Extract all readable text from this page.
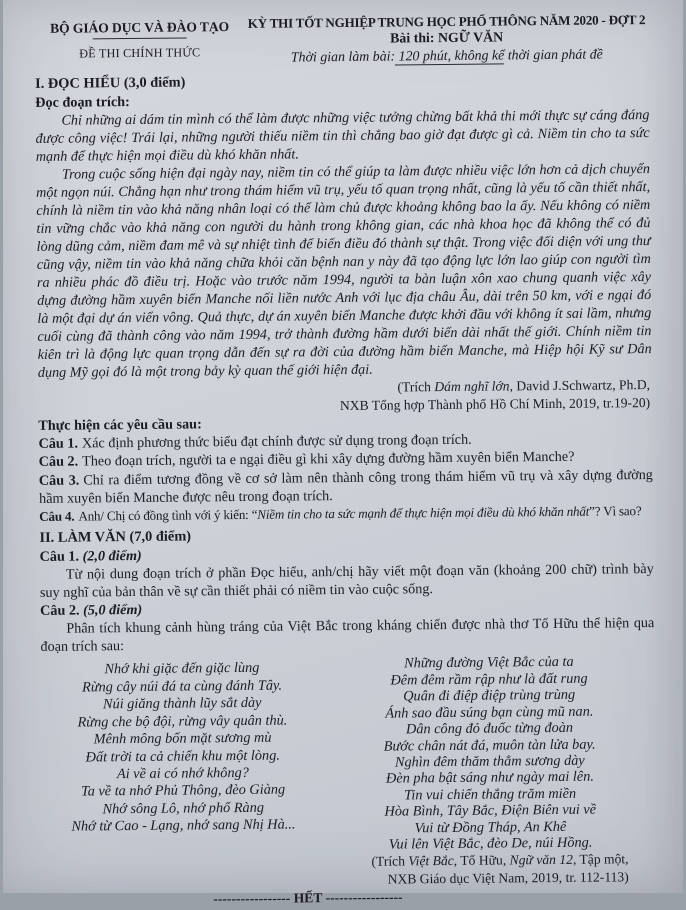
BỘ GIÁO DỤC VÀ ĐÀO TẠO
ĐỀ THI CHÍNH THỨC
KỲ THI TỐT NGHIỆP TRUNG HỌC PHỔ THÔNG NĂM 2020 - ĐỢT 2
Bài thi: NGỮ VĂN
Thời gian làm bài: 120 phút, không kể thời gian phát đề
I. ĐỌC HIỂU (3,0 điểm)
Đọc đoạn trích:

Chỉ những ai dám tin mình có thể làm được những việc tưởng chừng bất khả thi mới thực sự cáng đáng được công việc! Trái lại, những người thiếu niềm tin thì chẳng bao giờ đạt được gì cả. Niềm tin cho ta sức mạnh để thực hiện mọi điều dù khó khăn nhất.

Trong cuộc sống hiện đại ngày nay, niềm tin có thể giúp ta làm được nhiều việc lớn hơn cả dịch chuyển một ngọn núi. Chẳng hạn như trong thám hiểm vũ trụ, yếu tố quan trọng nhất, cũng là yếu tố cần thiết nhất, chính là niềm tin vào khả năng nhân loại có thể làm chủ được khoảng không bao la ấy. Nếu không có niềm tin vững chắc vào khả năng con người du hành trong không gian, các nhà khoa học đã không thể có đủ lòng dũng cảm, niềm đam mê và sự nhiệt tình để biến điều đó thành sự thật. Trong việc đối diện với ung thư cũng vậy, niềm tin vào khả năng chữa khỏi căn bệnh nan y này đã tạo động lực lớn lao giúp con người tìm ra nhiều phác đồ điều trị. Hoặc vào trước năm 1994, người ta bàn luận xôn xao chung quanh việc xây dựng đường hầm xuyên biển Manche nối liền nước Anh với lục địa châu Âu, dài trên 50 km, với e ngại đó là một đại dự án viển vông. Quả thực, dự án xuyên biển Manche được khởi đầu với không ít sai lầm, nhưng cuối cùng đã thành công vào năm 1994, trở thành đường hầm dưới biển dài nhất thế giới. Chính niềm tin kiên trì là động lực quan trọng dẫn đến sự ra đời của đường hầm biển Manche, mà Hiệp hội Kỹ sư Dân dụng Mỹ gọi đó là một trong bảy kỳ quan thế giới hiện đại.

(Trích Dám nghĩ lớn, David J.Schwartz, Ph.D,

NXB Tổng hợp Thành phố Hồ Chí Minh, 2019, tr.19-20)

Thực hiện các yêu cầu sau:

Câu 1. Xác định phương thức biểu đạt chính được sử dụng trong đoạn trích.

Câu 2. Theo đoạn trích, người ta e ngại điều gì khi xây dựng đường hầm xuyên biển Manche?

Câu 3. Chỉ ra điểm tương đồng về cơ sở làm nên thành công trong thám hiểm vũ trụ và xây dựng đường hầm xuyên biển Manche được nêu trong đoạn trích.

Câu 4. Anh/ Chị có đồng tình với ý kiến: “Niềm tin cho ta sức mạnh để thực hiện mọi điều dù khó khăn nhất”? Vì sao?

II. LÀM VĂN (7,0 điểm)
Câu 1. (2,0 điểm)

Từ nội dung đoạn trích ở phần Đọc hiểu, anh/chị hãy viết một đoạn văn (khoảng 200 chữ) trình bày suy nghĩ của bản thân về sự cần thiết phải có niềm tin vào cuộc sống.

Câu 2. (5,0 điểm)

Phân tích khung cảnh hùng tráng của Việt Bắc trong kháng chiến được nhà thơ Tố Hữu thể hiện qua đoạn trích sau:

Nhớ khi giặc đến giặc lùng
Rừng cây núi đá ta cùng đánh Tây.
Núi giăng thành lũy sắt dày
Rừng che bộ đội, rừng vây quân thù.
Mênh mông bốn mặt sương mù
Đất trời ta cả chiến khu một lòng.
Ai về ai có nhớ không?
Ta về ta nhớ Phủ Thông, đèo Giàng
Nhớ sông Lô, nhớ phố Ràng
Nhớ từ Cao - Lạng, nhớ sang Nhị Hà...
Những đường Việt Bắc của ta
Đêm đêm rầm rập như là đất rung
Quân đi điệp điệp trùng trùng
Ánh sao đầu súng bạn cùng mũ nan.
Dân công đỏ đuốc từng đoàn
Bước chân nát đá, muôn tàn lửa bay.
Nghìn đêm thăm thẳm sương dày
Đèn pha bật sáng như ngày mai lên.
Tin vui chiến thắng trăm miền
Hòa Bình, Tây Bắc, Điện Biên vui về
Vui từ Đồng Tháp, An Khê
Vui lên Việt Bắc, đèo De, núi Hồng.

(Trích Việt Bắc, Tố Hữu, Ngữ văn 12, Tập một,

NXB Giáo dục Việt Nam, 2019, tr. 112-113)

----------------- HẾT -----------------
